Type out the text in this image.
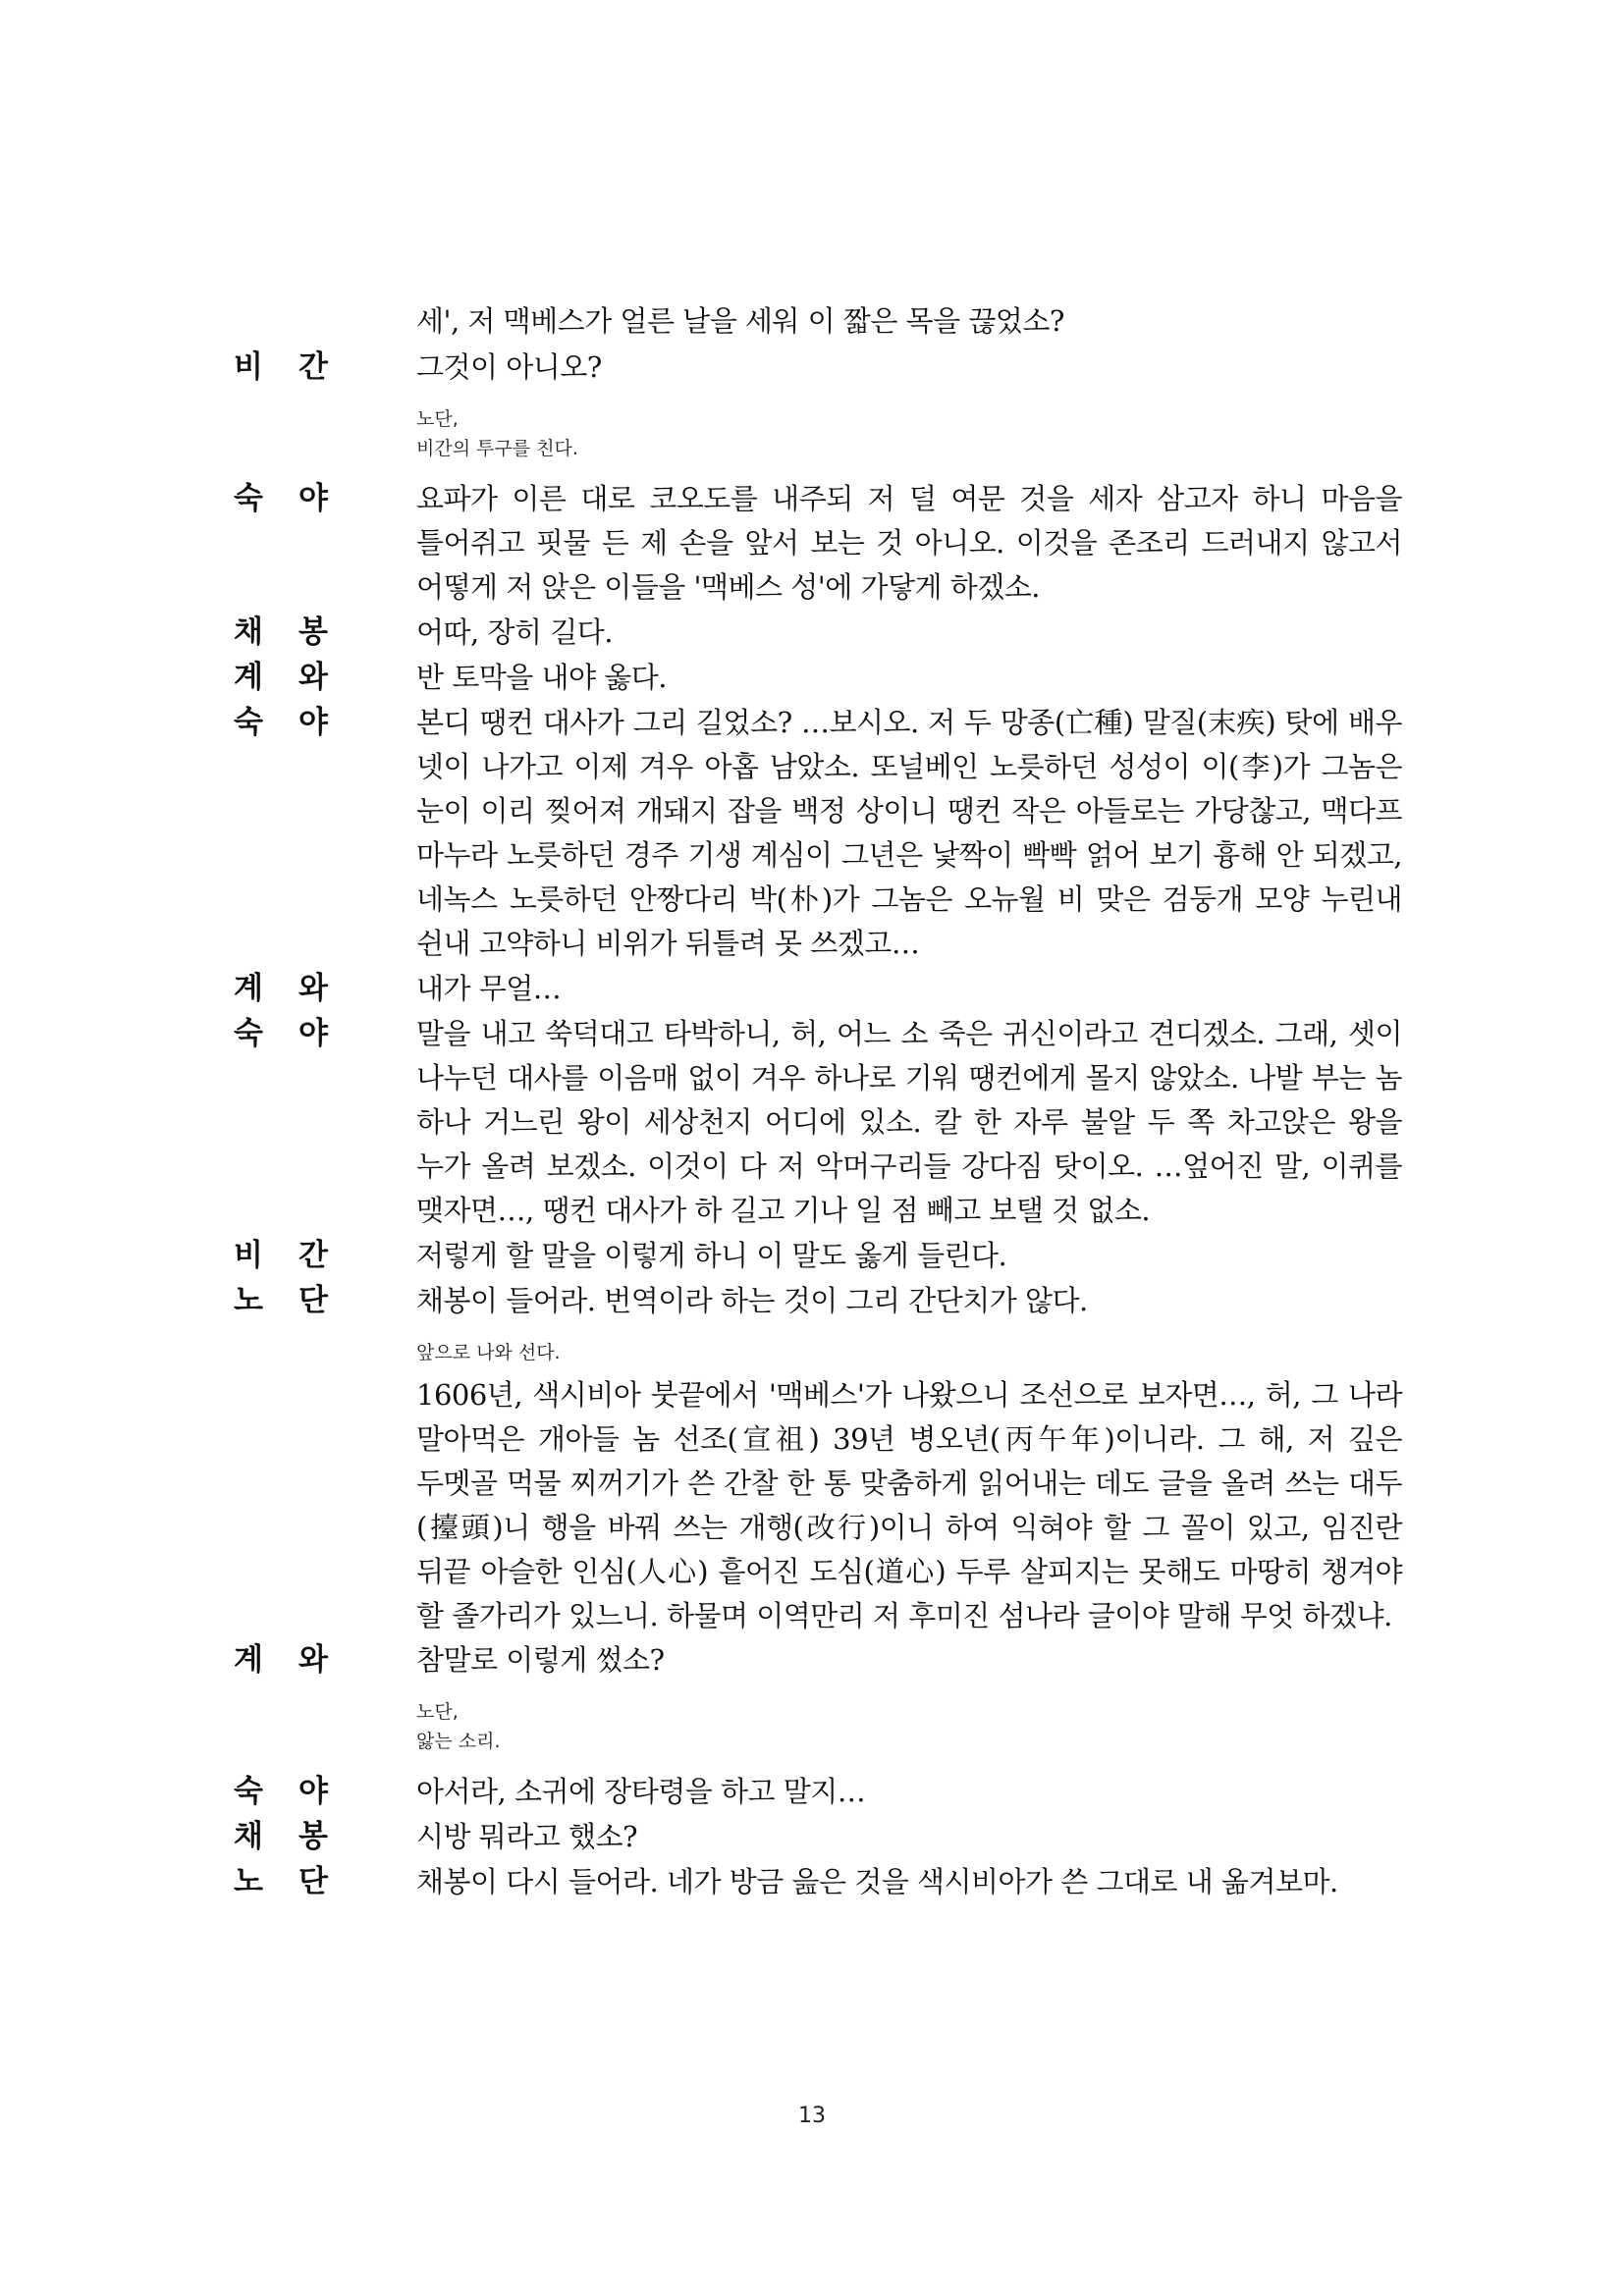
세', 저 맥베스가 얼른 날을 세워 이 짧은 목을 끊었소?
비 간	그것이 아니오?
노단,
비간의 투구를 친다.
숙 야	요파가 이른 대로 코오도를 내주되 저 덜 여문 것을 세자 삼고자 하니 마음을 틀어쥐고 핏물 든 제 손을 앞서 보는 것 아니오. 이것을 존조리 드러내지 않고서 어떻게 저 앉은 이들을 '맥베스 성'에 가닿게 하겠소.
채 봉	어따, 장히 길다.
계 와	반 토막을 내야 옳다.
숙 야	본디 땡컨 대사가 그리 길었소? …보시오. 저 두 망종(亡種) 말질(末疾) 탓에 배우 넷이 나가고 이제 겨우 아홉 남았소. 또널베인 노릇하던 성성이 이(李)가 그놈은 눈이 이리 찢어져 개돼지 잡을 백정 상이니 땡컨 작은 아들로는 가당찮고, 맥다프 마누라 노릇하던 경주 기생 계심이 그년은 낯짝이 빡빡 얽어 보기 흉해 안 되겠고, 네녹스 노릇하던 안짱다리 박(朴)가 그놈은 오뉴월 비 맞은 검둥개 모양 누린내 쉰내 고약하니 비위가 뒤틀려 못 쓰겠고…
계 와	내가 무얼…
숙 야	말을 내고 쑥덕대고 타박하니, 허, 어느 소 죽은 귀신이라고 견디겠소. 그래, 셋이 나누던 대사를 이음매 없이 겨우 하나로 기워 땡컨에게 몰지 않았소. 나발 부는 놈 하나 거느린 왕이 세상천지 어디에 있소. 칼 한 자루 불알 두 쪽 차고앉은 왕을 누가 올려 보겠소. 이것이 다 저 악머구리들 강다짐 탓이오. …엎어진 말, 이퀴를 맺자면…, 땡컨 대사가 하 길고 기나 일 점 빼고 보탤 것 없소.
비 간	저렇게 할 말을 이렇게 하니 이 말도 옳게 들린다.
노 단	채봉이 들어라. 번역이라 하는 것이 그리 간단치가 않다.
앞으로 나와 선다.
1606년, 색시비아 붓끝에서 '맥베스'가 나왔으니 조선으로 보자면…, 허, 그 나라 말아먹은 개아들 놈 선조(宣祖) 39년 병오년(丙午年)이니라. 그 해, 저 깊은 두멧골 먹물 찌꺼기가 쓴 간찰 한 통 맞춤하게 읽어내는 데도 글을 올려 쓰는 대두(擡頭)니 행을 바꿔 쓰는 개행(改行)이니 하여 익혀야 할 그 꼴이 있고, 임진란 뒤끝 아슬한 인심(人心) 흩어진 도심(道心) 두루 살피지는 못해도 마땅히 챙겨야 할 졸가리가 있느니. 하물며 이역만리 저 후미진 섬나라 글이야 말해 무엇 하겠냐.
계 와	참말로 이렇게 썼소?
노단,
앓는 소리.
숙 야	아서라, 소귀에 장타령을 하고 말지…
채 봉	시방 뭐라고 했소?
노 단	채봉이 다시 들어라. 네가 방금 읊은 것을 색시비아가 쓴 그대로 내 옮겨보마.
13
